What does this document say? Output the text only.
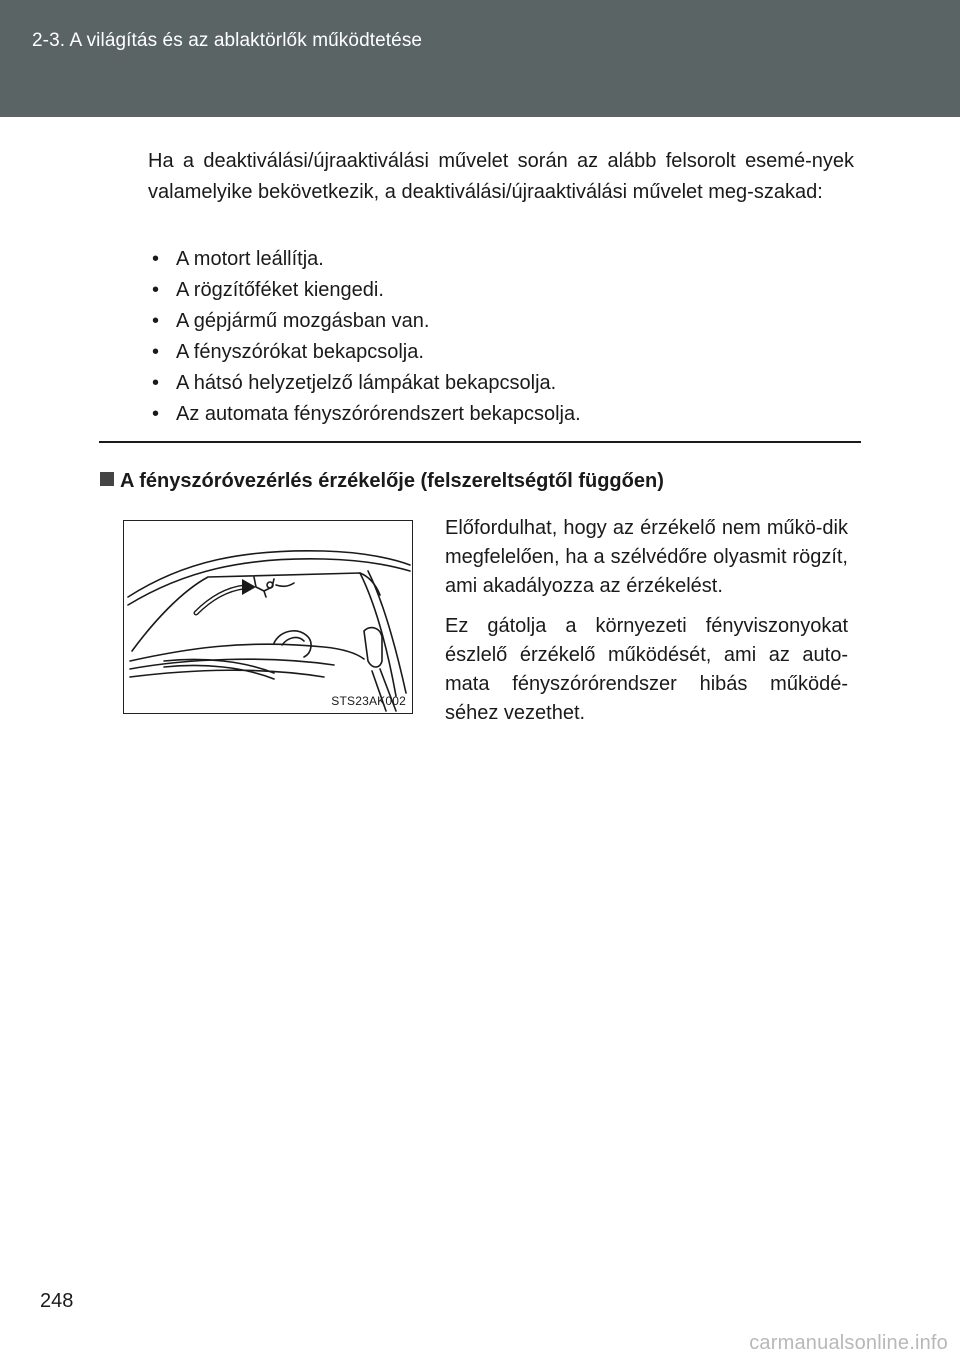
2-3. A világítás és az ablaktörlők működtetése

Ha a deaktiválási/újraaktiválási művelet során az alább felsorolt esemé-nyek valamelyike bekövetkezik, a deaktiválási/újraaktiválási művelet meg-szakad:

• A motort leállítja.
• A rögzítőféket kiengedi.
• A gépjármű mozgásban van.
• A fényszórókat bekapcsolja.
• A hátsó helyzetjelző lámpákat bekapcsolja.
• Az automata fényszórórendszert bekapcsolja.
A fényszóróvezérlés érzékelője (felszereltségtől függően)
STS23AK002

Előfordulhat, hogy az érzékelő nem műkö-dik megfelelően, ha a szélvédőre olyasmit rögzít, ami akadályozza az érzékelést.

Ez gátolja a környezeti fényviszonyokat észlelő érzékelő működését, ami az auto-mata fényszórórendszer hibás működé-séhez vezethet.

248
carmanualsonline.info
